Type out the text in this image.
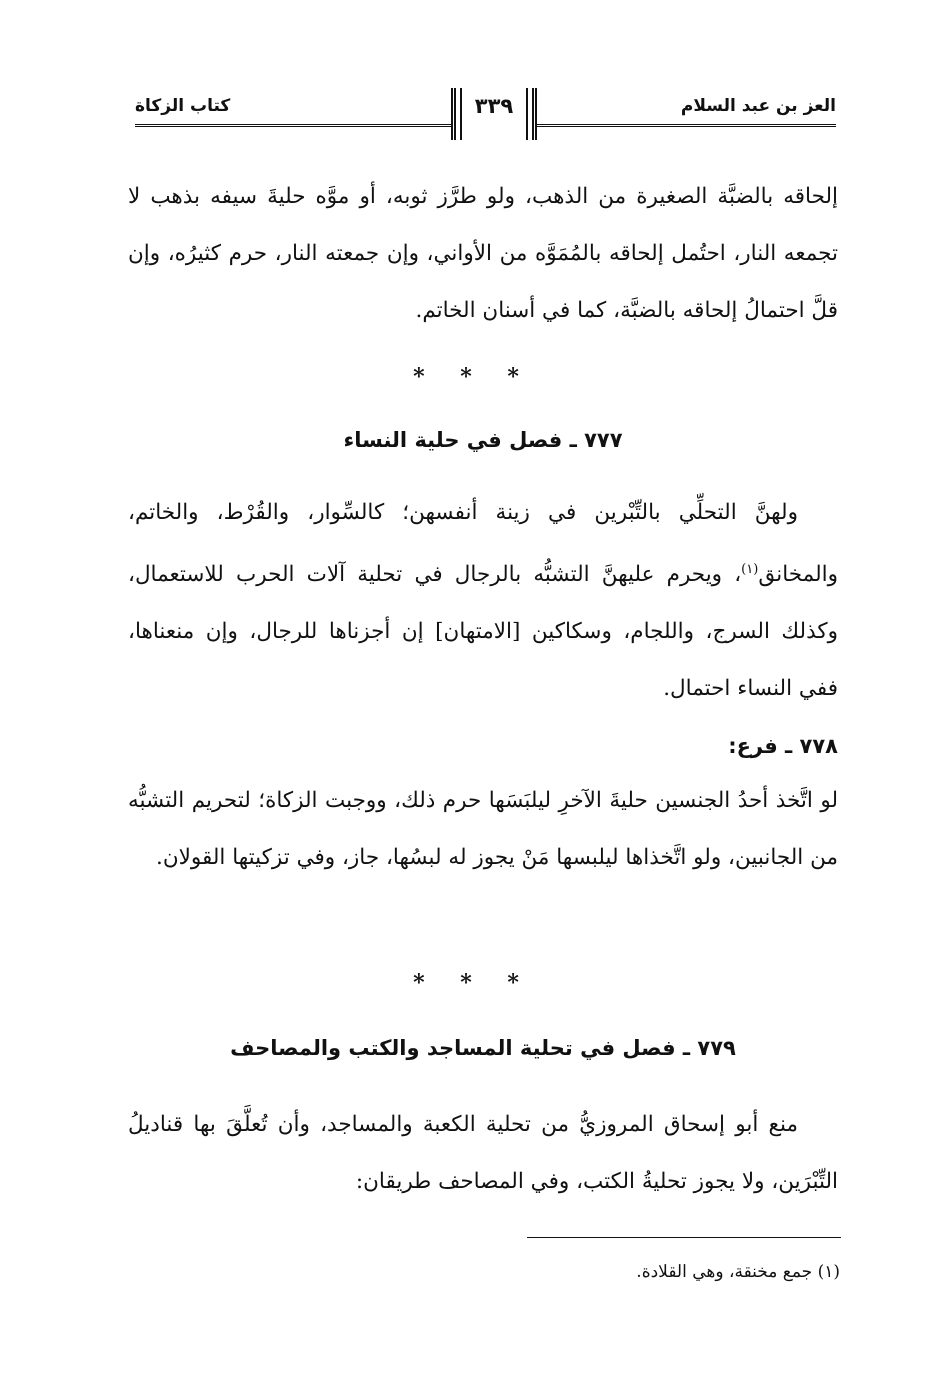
العز بن عبد السلام
كتاب الزكاة	٣٣٩

إلحاقه بالضبَّة الصغيرة من الذهب، ولو طرَّز ثوبه، أو موَّه حليةَ سيفه بذهب لا تجمعه النار، احتُمل إلحاقه بالمُمَوَّه من الأواني، وإن جمعته النار، حرم كثيرُه، وإن قلَّ احتمالُ إلحاقه بالضبَّة، كما في أسنان الخاتم.

* * *
٧٧٧ ـ فصل في حلية النساء

ولهنَّ التحلِّي بالتِّبْرين في زينة أنفسهن؛ كالسِّوار، والقُرْط، والخاتم، والمخانق$^{(١)}$، ويحرم عليهنَّ التشبُّه بالرجال في تحلية آلات الحرب للاستعمال، وكذلك السرج، واللجام، وسكاكين [الامتهان] إن أجزناها للرجال، وإن منعناها، ففي النساء احتمال.

٧٧٨ ـ فرع:

لو اتَّخذ أحدُ الجنسين حليةَ الآخرِ ليلبَسَها حرم ذلك، ووجبت الزكاة؛ لتحريم التشبُّه من الجانبين، ولو اتَّخذاها ليلبسها مَنْ يجوز له لبسُها، جاز، وفي تزكيتها القولان.

* * *
٧٧٩ ـ فصل في تحلية المساجد والكتب والمصاحف

منع أبو إسحاق المروزيُّ من تحلية الكعبة والمساجد، وأن تُعلَّقَ بها قناديلُ التِّبْرَين، ولا يجوز تحليةُ الكتب، وفي المصاحف طريقان:

(١) جمع مخنقة، وهي القلادة.
